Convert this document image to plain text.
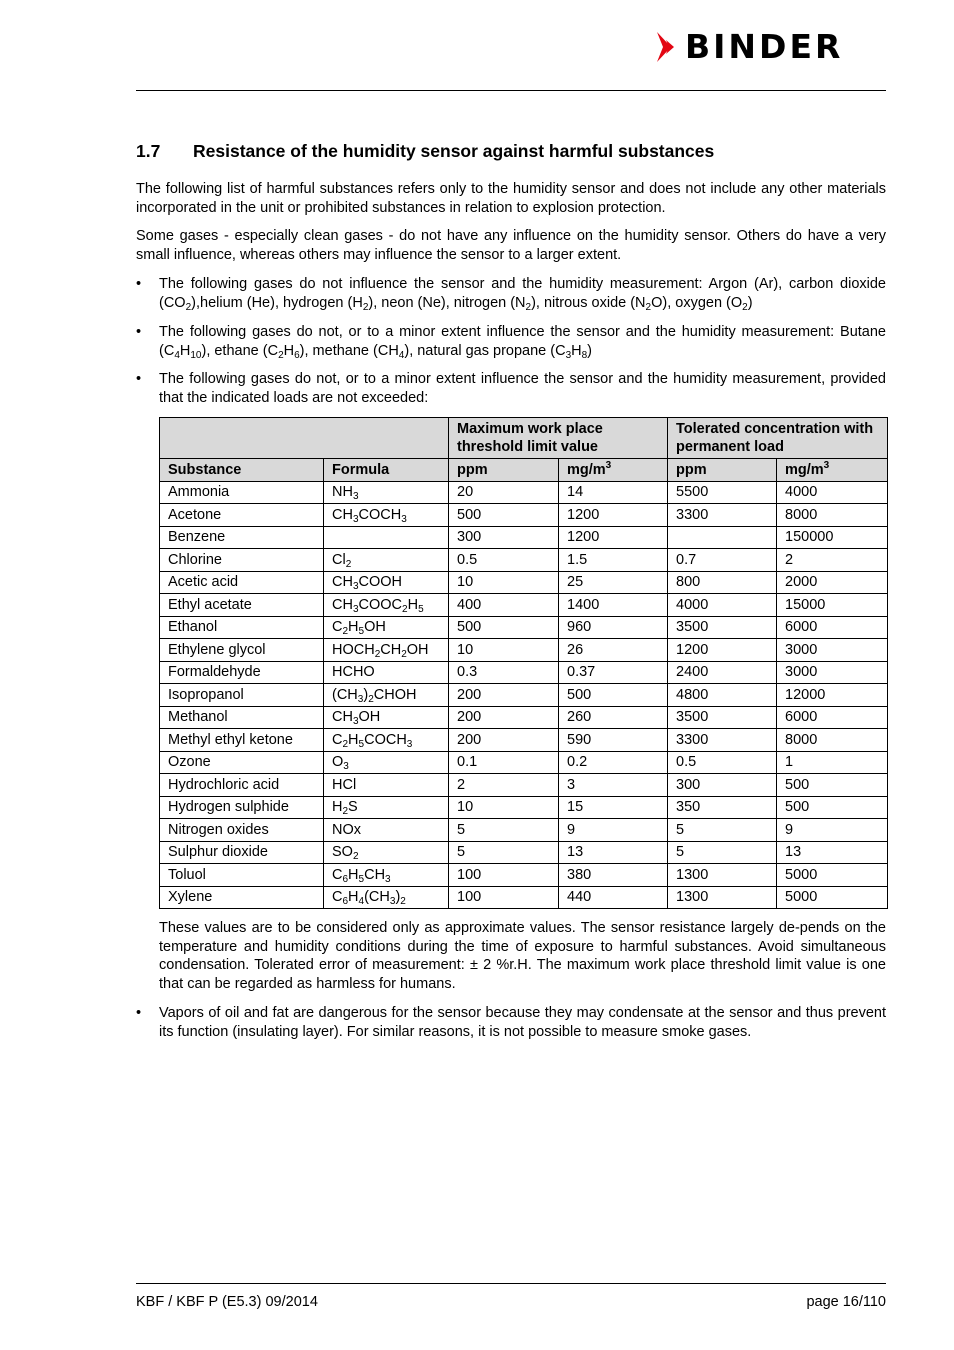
BINDER
1.7 Resistance of the humidity sensor against harmful substances
The following list of harmful substances refers only to the humidity sensor and does not include any other materials incorporated in the unit or prohibited substances in relation to explosion protection.
Some gases - especially clean gases - do not have any influence on the humidity sensor. Others do have a very small influence, whereas others may influence the sensor to a larger extent.
•	The following gases do not influence the sensor and the humidity measurement: Argon (Ar), carbon dioxide $(CO_2),helium$ (He), hydrogen $(H_2)$, neon (Ne), nitrogen $(N_2)$, nitrous oxide $(N_2O)$, oxygen $(O_2)$
•	The following gases do not, or to a minor extent influence the sensor and the humidity measurement: Butane $(C_4H_{10})$, ethane $(C_2H_6)$, methane $(CH_4)$, natural gas propane $(C_3H_8)$
•	The following gases do not, or to a minor extent influence the sensor and the humidity measurement, provided that the indicated loads are not exceeded:
		Maximum work place threshold limit value		Tolerated concentration with permanent load	
Substance	Formula	ppm	$mg/m^3$	ppm	$mg/m^3$
Ammonia	$NH_3$	20	14	5500	4000
Acetone	$CH_3COCH_3$	500	1200	3300	8000
Benzene		300	1200		150000
Chlorine	$Cl_2$	0.5	1.5	0.7	2
Acetic acid	$CH_3COOH$	10	25	800	2000
Ethyl acetate	$CH_3COOC_2H_5$	400	1400	4000	15000
Ethanol	$C_2H_5OH$	500	960	3500	6000
Ethylene glycol	$HOCH_2CH_2OH$	10	26	1200	3000
Formaldehyde	HCHO	0.3	0.37	2400	3000
Isopropanol	$(CH_3)_2CHOH$	200	500	4800	12000
Methanol	$CH_3OH$	200	260	3500	6000
Methyl ethyl ketone	$C_2H_5COCH_3$	200	590	3300	8000
Ozone	$O_3$	0.1	0.2	0.5	1
Hydrochloric acid	HCl	2	3	300	500
Hydrogen sulphide	$H_2S$	10	15	350	500
Nitrogen oxides	NOx	5	9	5	9
Sulphur dioxide	$SO_2$	5	13	5	13
Toluol	$C_6H_5CH_3$	100	380	1300	5000
Xylene	$C_6H_4(CH_3)_2$	100	440	1300	5000
These values are to be considered only as approximate values. The sensor resistance largely de-pends on the temperature and humidity conditions during the time of exposure to harmful substances. Avoid simultaneous condensation. Tolerated error of measurement: ± 2 %r.H. The maximum work place threshold limit value is one that can be regarded as harmless for humans.
•	Vapors of oil and fat are dangerous for the sensor because they may condensate at the sensor and thus prevent its function (insulating layer). For similar reasons, it is not possible to measure smoke gases.
KBF / KBF P (E5.3) 09/2014	page 16/110
